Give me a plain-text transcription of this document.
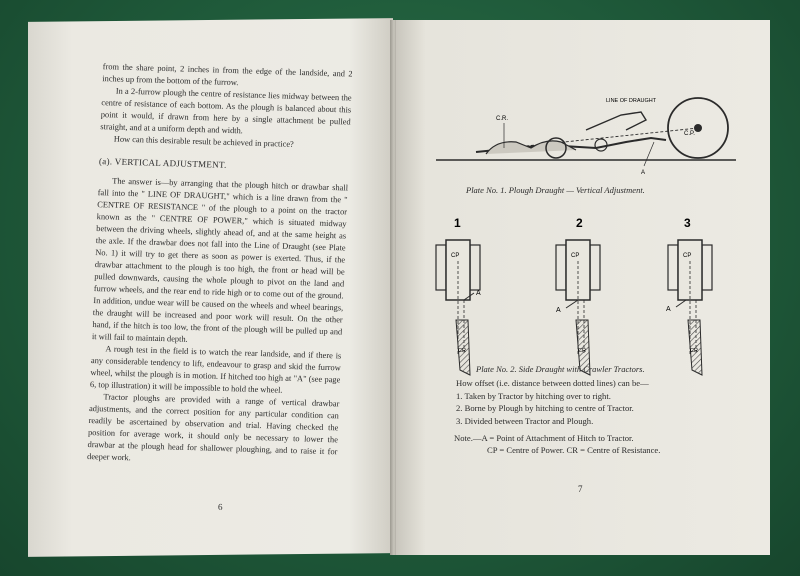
from the share point, 2 inches in from the edge of the landside, and 2 inches up from the bottom of the furrow.

In a 2-furrow plough the centre of resistance lies midway between the centre of resistance of each bottom. As the plough is balanced about this point it would, if drawn from here by a single attachment be pulled straight, and at a uniform depth and width.

How can this desirable result be achieved in practice?

(a). VERTICAL ADJUSTMENT.

The answer is—by arranging that the plough hitch or drawbar shall fall into the " LINE OF DRAUGHT," which is a line drawn from the " CENTRE OF RESISTANCE " of the plough to a point on the tractor known as the " CENTRE OF POWER," which is situated midway between the driving wheels, slightly ahead of, and at the same height as the axle. If the drawbar does not fall into the Line of Draught (see Plate No. 1) it will try to get there as soon as power is exerted. Thus, if the drawbar attachment to the plough is too high, the front or head will be pulled downwards, causing the whole plough to pivot on the land and furrow wheels, and the rear end to ride high or to come out of the ground. In addition, undue wear will be caused on the wheels and wheel bearings, the draught will be increased and poor work will result. On the other hand, if the hitch is too low, the front of the plough will be pulled up and it will fail to maintain depth.

A rough test in the field is to watch the rear landside, and if there is any considerable tendency to lift, endeavour to grasp and skid the furrow wheel, whilst the plough is in motion. If hitched too high at "A" (see page 6, top illustration) it will be impossible to hold the wheel.

Tractor ploughs are provided with a range of vertical drawbar adjustments, and the correct position for any particular condition can readily be ascertained by observation and trial. Having checked the position for average work, it should only be necessary to lower the drawbar at the plough head for shallower ploughing, and to raise it for deeper work.

6
C.R.
LINE OF DRAUGHT
C.P.
A
Plate No. 1. Plough Draught — Vertical Adjustment.
1
CP
A
CR
2
CP
A
CR
3
CP
A
CR
Plate No. 2. Side Draught with Crawler Tractors.
How offset (i.e. distance between dotted lines) can be—
1. Taken by Tractor by hitching over to right.
2. Borne by Plough by hitching to centre of Tractor.
3. Divided between Tractor and Plough.
Note.—A = Point of Attachment of Hitch to Tractor.
CP = Centre of Power. CR = Centre of Resistance.
7
